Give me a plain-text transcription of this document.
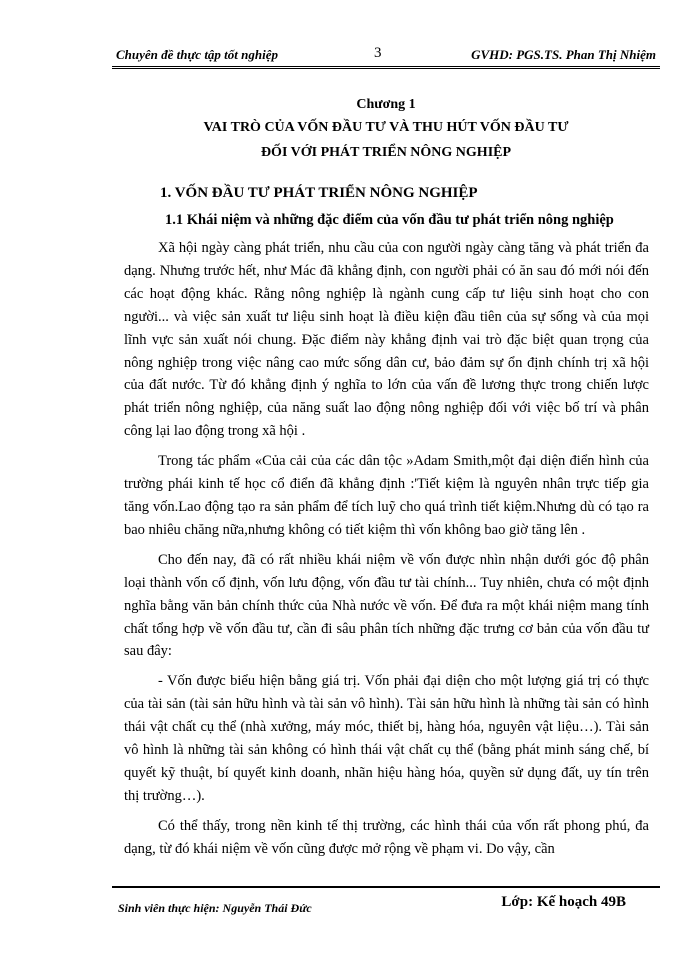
Chuyên đề thực tập tốt nghiệp	3	GVHD: PGS.TS. Phan Thị Nhiệm
Chương 1
VAI TRÒ CỦA VỐN ĐẦU TƯ VÀ THU HÚT VỐN ĐẦU TƯ
ĐỐI VỚI PHÁT TRIỂN NÔNG NGHIỆP
1. VỐN ĐẦU TƯ PHÁT TRIỂN NÔNG NGHIỆP
1.1 Khái niệm và những đặc điểm của vốn đầu tư phát triển nông nghiệp

Xã hội ngày càng phát triển, nhu cầu của con người ngày càng tăng và phát triển đa dạng. Nhưng trước hết, như Mác đã khẳng định, con người phải có ăn sau đó mới nói đến các hoạt động khác. Rằng nông nghiệp là ngành cung cấp tư liệu sinh hoạt cho con người... và việc sản xuất tư liệu sinh hoạt là điều kiện đầu tiên của sự sống và của mọi lĩnh vực sản xuất nói chung. Đặc điểm này khẳng định vai trò đặc biệt quan trọng của nông nghiệp trong việc nâng cao mức sống dân cư, bảo đảm sự ổn định chính trị xã hội của đất nước. Từ đó khẳng định ý nghĩa to lớn của vấn đề lương thực trong chiến lược phát triển nông nghiệp, của năng suất lao động nông nghiệp đối với việc bố trí và phân công lại lao động trong xã hội .

Trong tác phẩm «Của cải của các dân tộc »Adam Smith,một đại diện điển hình của trường phái kinh tế học cổ điển đã khẳng định :'Tiết kiệm là nguyên nhân trực tiếp gia tăng vốn.Lao động tạo ra sản phẩm để tích luỹ cho quá trình tiết kiệm.Nhưng dù có tạo ra bao nhiêu chăng nữa,nhưng không có tiết kiệm thì vốn không bao giờ tăng lên .

Cho đến nay, đã có rất nhiều khái niệm về vốn được nhìn nhận dưới góc độ phân loại thành vốn cố định, vốn lưu động, vốn đầu tư tài chính... Tuy nhiên, chưa có một định nghĩa bằng văn bản chính thức của Nhà nước về vốn. Để đưa ra một khái niệm mang tính chất tổng hợp về vốn đầu tư, cần đi sâu phân tích những đặc trưng cơ bản của vốn đầu tư sau đây:

- Vốn được biểu hiện bằng giá trị. Vốn phải đại diện cho một lượng giá trị có thực của tài sản (tài sản hữu hình và tài sản vô hình). Tài sản hữu hình là những tài sản có hình thái vật chất cụ thể (nhà xưởng, máy móc, thiết bị, hàng hóa, nguyên vật liệu…). Tài sản vô hình là những tài sản không có hình thái vật chất cụ thể (bằng phát minh sáng chế, bí quyết kỹ thuật, bí quyết kinh doanh, nhãn hiệu hàng hóa, quyền sử dụng đất, uy tín trên thị trường…).

Có thể thấy, trong nền kinh tế thị trường, các hình thái của vốn rất phong phú, đa dạng, từ đó khái niệm về vốn cũng được mở rộng về phạm vi. Do vậy, cần

Sinh viên thực hiện: Nguyễn Thái Đức	Lớp: Kế hoạch 49B
